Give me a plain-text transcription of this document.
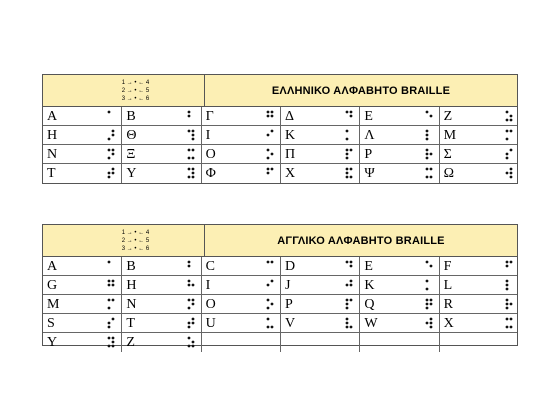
1 → • ← 4
2 → • ← 5
3 → • ← 6
ΕΛΛΗΝΙΚΟ ΑΛΦΑΒΗΤΟ BRAILLE
Α	Β	Γ	Δ	Ε	Ζ
Η	Θ	Ι	Κ	Λ	Μ
Ν	Ξ	Ο	Π	Ρ	Σ
Τ	Υ	Φ	Χ	Ψ	Ω
1 → • ← 4
2 → • ← 5
3 → • ← 6
ΑΓΓΛΙΚΟ ΑΛΦΑΒΗΤΟ BRAILLE
A	B	C	D	E	F
G	H	I	J	K	L
M	N	O	P	Q	R
S	T	U	V	W	X
Y	Z
